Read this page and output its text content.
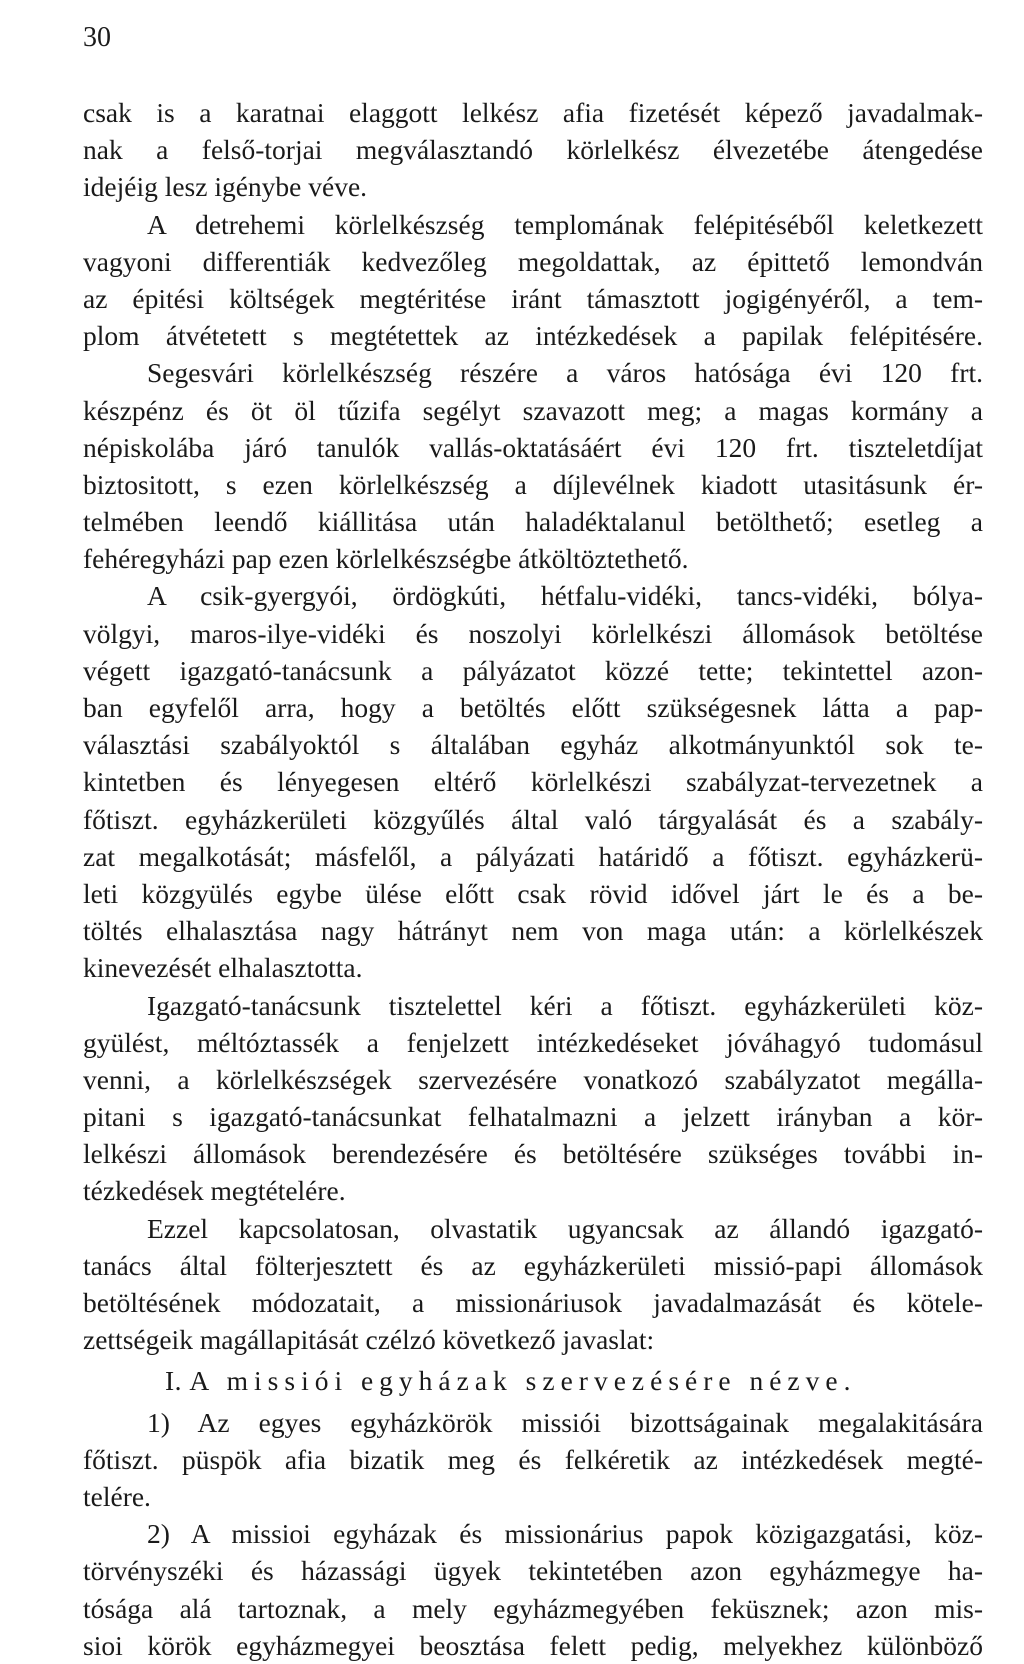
30
csak is a karatnai elaggott lelkész afia fizetését képező javadalmak-
nak a felső-torjai megválasztandó körlelkész élvezetébe átengedése
idejéig lesz igénybe véve.
A detrehemi körlelkészség templomának felépitéséből keletkezett
vagyoni differentiák kedvezőleg megoldattak, az épittető lemondván
az épitési költségek megtéritése iránt támasztott jogigényéről, a tem-
plom átvétetett s megtétettek az intézkedések a papilak felépitésére.
Segesvári körlelkészség részére a város hatósága évi 120 frt.
készpénz és öt öl tűzifa segélyt szavazott meg; a magas kormány a
népiskolába járó tanulók vallás-oktatásáért évi 120 frt. tiszteletdíjat
biztositott, s ezen körlelkészség a díjlevélnek kiadott utasitásunk ér-
telmében leendő kiállitása után haladéktalanul betölthető; esetleg a
fehéregyházi pap ezen körlelkészségbe átköltöztethető.
A csik-gyergyói, ördögkúti, hétfalu-vidéki, tancs-vidéki, bólya-
völgyi, maros-ilye-vidéki és noszolyi körlelkészi állomások betöltése
végett igazgató-tanácsunk a pályázatot közzé tette; tekintettel azon-
ban egyfelől arra, hogy a betöltés előtt szükségesnek látta a pap-
választási szabályoktól s általában egyház alkotmányunktól sok te-
kintetben és lényegesen eltérő körlelkészi szabályzat-tervezetnek a
főtiszt. egyházkerületi közgyűlés által való tárgyalását és a szabály-
zat megalkotását; másfelől, a pályázati határidő a főtiszt. egyházkerü-
leti közgyülés egybe ülése előtt csak rövid idővel járt le és a be-
töltés elhalasztása nagy hátrányt nem von maga után: a körlelkészek
kinevezését elhalasztotta.
Igazgató-tanácsunk tisztelettel kéri a főtiszt. egyházkerületi köz-
gyülést, méltóztassék a fenjelzett intézkedéseket jóváhagyó tudomásul
venni, a körlelkészségek szervezésére vonatkozó szabályzatot megálla-
pitani s igazgató-tanácsunkat felhatalmazni a jelzett irányban a kör-
lelkészi állomások berendezésére és betöltésére szükséges további in-
tézkedések megtételére.
Ezzel kapcsolatosan, olvastatik ugyancsak az állandó igazgató-
tanács által fölterjesztett és az egyházkerületi missió-papi állomások
betöltésének módozatait, a missionáriusok javadalmazását és kötele-
zettségeik magállapitását czélzó következő javaslat:
I. A missiói egyházak szervezésére nézve.
1) Az egyes egyházkörök missiói bizottságainak megalakitására
főtiszt. püspök afia bizatik meg és felkéretik az intézkedések megté-
telére.
2) A missioi egyházak és missionárius papok közigazgatási, köz-
törvényszéki és házassági ügyek tekintetében azon egyházmegye ha-
tósága alá tartoznak, a mely egyházmegyében feküsznek; azon mis-
sioi körök egyházmegyei beosztása felett pedig, melyekhez különböző
